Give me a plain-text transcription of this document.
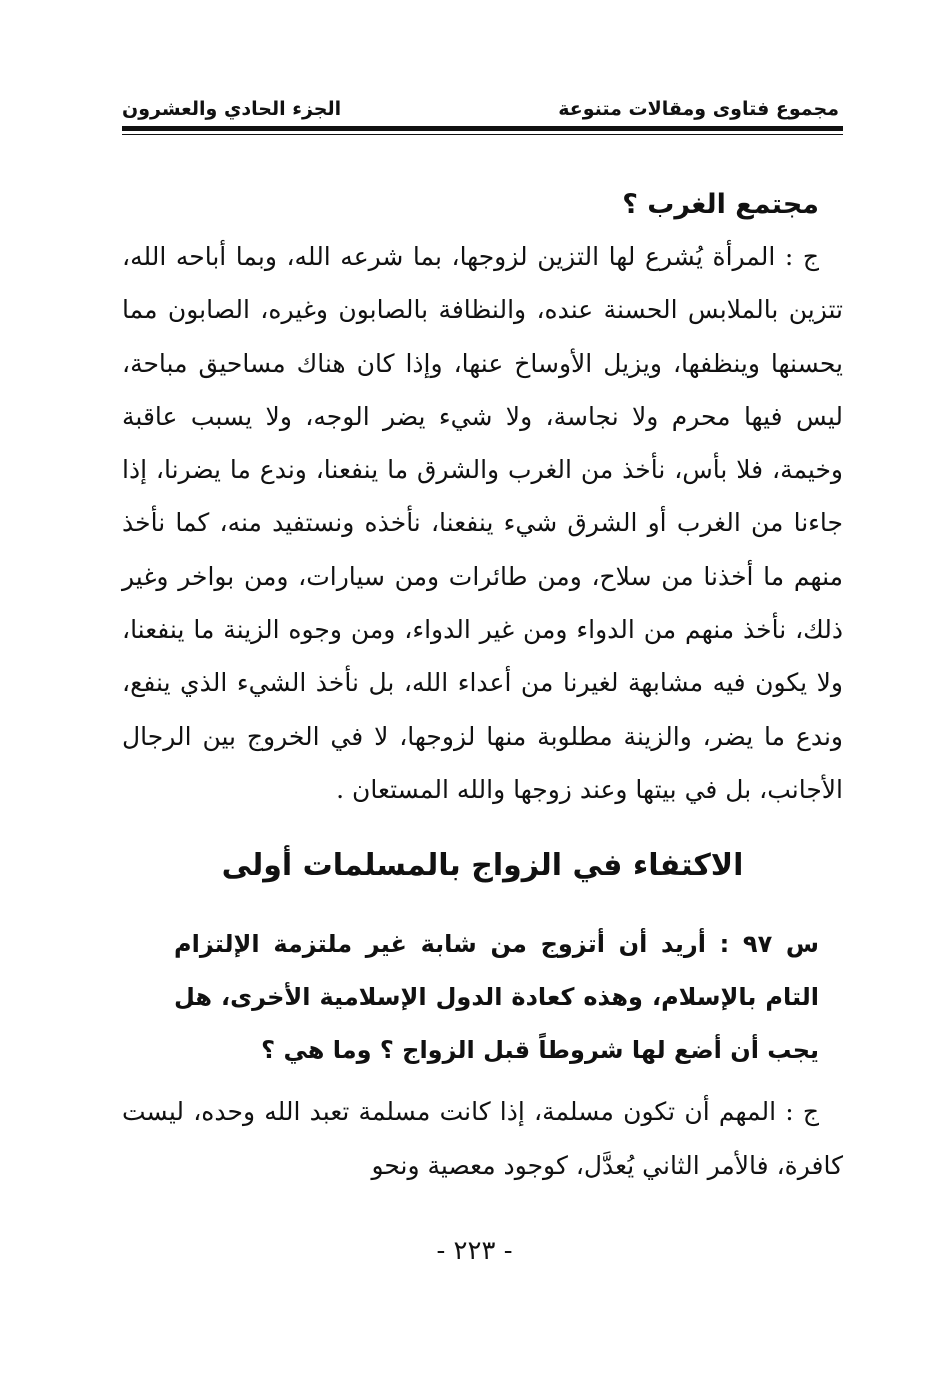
مجموع فتاوى ومقالات متنوعة
الجزء الحادي والعشرون

مجتمع الغرب ؟

ج : المرأة يُشرع لها التزين لزوجها، بما شرعه الله، وبما أباحه الله، تتزين بالملابس الحسنة عنده، والنظافة بالصابون وغيره، الصابون مما يحسنها وينظفها، ويزيل الأوساخ عنها، وإذا كان هناك مساحيق مباحة، ليس فيها محرم ولا نجاسة، ولا شيء يضر الوجه، ولا يسبب عاقبة وخيمة، فلا بأس، نأخذ من الغرب والشرق ما ينفعنا، وندع ما يضرنا، إذا جاءنا من الغرب أو الشرق شيء ينفعنا، نأخذه ونستفيد منه، كما نأخذ منهم ما أخذنا من سلاح، ومن طائرات ومن سيارات، ومن بواخر وغير ذلك، نأخذ منهم من الدواء ومن غير الدواء، ومن وجوه الزينة ما ينفعنا، ولا يكون فيه مشابهة لغيرنا من أعداء الله، بل نأخذ الشيء الذي ينفع، وندع ما يضر، والزينة مطلوبة منها لزوجها، لا في الخروج بين الرجال الأجانب، بل في بيتها وعند زوجها والله المستعان .

الاكتفاء في الزواج بالمسلمات أولى

س ٩٧ : أريد أن أتزوج من شابة غير ملتزمة الإلتزام التام بالإسلام، وهذه كعادة الدول الإسلامية الأخرى، هل يجب أن أضع لها شروطاً قبل الزواج ؟ وما هي ؟

ج : المهم أن تكون مسلمة، إذا كانت مسلمة تعبد الله وحده، ليست كافرة، فالأمر الثاني يُعدَّل، كوجود معصية ونحو

- ٢٢٣ -
